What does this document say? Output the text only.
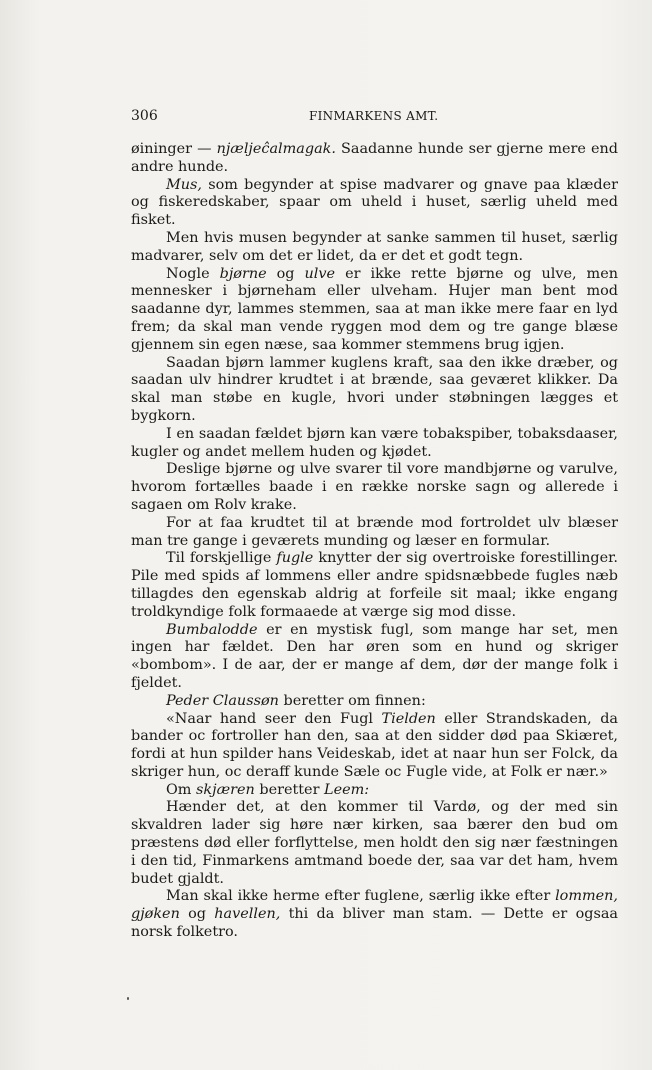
306	FINMARKENS AMT.

øininger — njæljeĉalmagak. Saadanne hunde ser gjerne mere end andre hunde.

Mus, som begynder at spise madvarer og gnave paa klæder og fiskeredskaber, spaar om uheld i huset, særlig uheld med fisket.

Men hvis musen begynder at sanke sammen til huset, særlig madvarer, selv om det er lidet, da er det et godt tegn.

Nogle bjørne og ulve er ikke rette bjørne og ulve, men mennesker i bjørneham eller ulveham. Hujer man bent mod saadanne dyr, lammes stemmen, saa at man ikke mere faar en lyd frem; da skal man vende ryggen mod dem og tre gange blæse gjennem sin egen næse, saa kommer stemmens brug igjen.

Saadan bjørn lammer kuglens kraft, saa den ikke dræber, og saadan ulv hindrer krudtet i at brænde, saa geværet klikker. Da skal man støbe en kugle, hvori under støbningen lægges et bygkorn.

I en saadan fældet bjørn kan være tobakspiber, tobaksdaaser, kugler og andet mellem huden og kjødet.

Deslige bjørne og ulve svarer til vore mandbjørne og varulve, hvorom fortælles baade i en række norske sagn og allerede i sagaen om Rolv krake.

For at faa krudtet til at brænde mod fortroldet ulv blæser man tre gange i geværets munding og læser en formular.

Til forskjellige fugle knytter der sig overtroiske forestillinger. Pile med spids af lommens eller andre spidsnæbbede fugles næb tillagdes den egenskab aldrig at forfeile sit maal; ikke engang troldkyndige folk formaaede at værge sig mod disse.

Bumbalodde er en mystisk fugl, som mange har set, men ingen har fældet. Den har øren som en hund og skriger «bombom». I de aar, der er mange af dem, dør der mange folk i fjeldet.

Peder Claussøn beretter om finnen:

«Naar hand seer den Fugl Tielden eller Strandskaden, da bander oc fortroller han den, saa at den sidder død paa Skiæret, fordi at hun spilder hans Veideskab, idet at naar hun ser Folck, da skriger hun, oc deraff kunde Sæle oc Fugle vide, at Folk er nær.»

Om skjæren beretter Leem:

Hænder det, at den kommer til Vardø, og der med sin skvaldren lader sig høre nær kirken, saa bærer den bud om præstens død eller forflyttelse, men holdt den sig nær fæstningen i den tid, Finmarkens amtmand boede der, saa var det ham, hvem budet gjaldt.

Man skal ikke herme efter fuglene, særlig ikke efter lommen, gjøken og havellen, thi da bliver man stam. — Dette er ogsaa norsk folketro.
